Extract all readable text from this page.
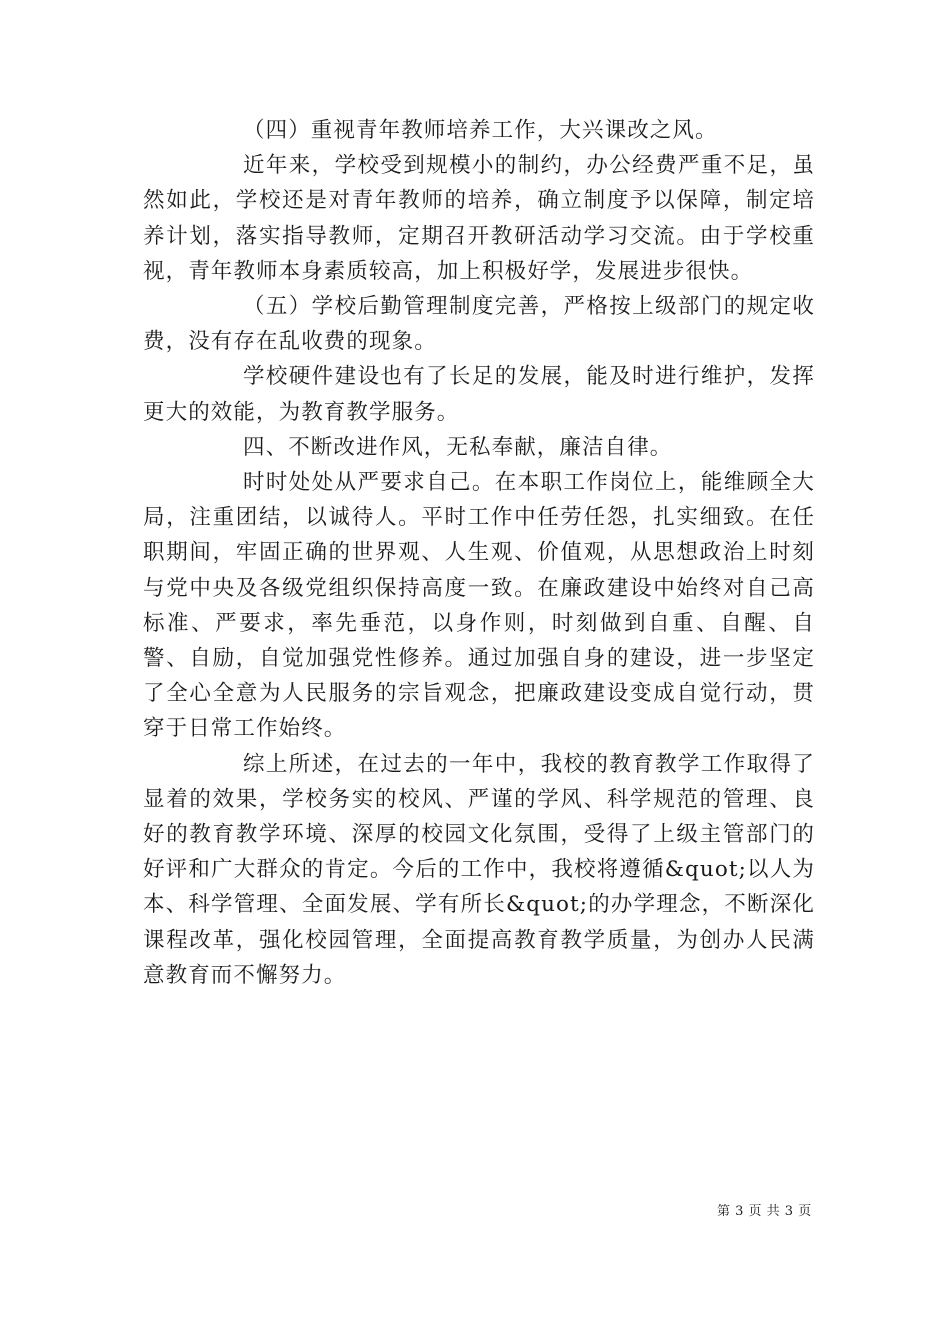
（四）重视青年教师培养工作，大兴课改之风。

近年来，学校受到规模小的制约，办公经费严重不足，虽然如此，学校还是对青年教师的培养，确立制度予以保障，制定培养计划，落实指导教师，定期召开教研活动学习交流。由于学校重视，青年教师本身素质较高，加上积极好学，发展进步很快。

（五）学校后勤管理制度完善，严格按上级部门的规定收费，没有存在乱收费的现象。

学校硬件建设也有了长足的发展，能及时进行维护，发挥更大的效能，为教育教学服务。

四、不断改进作风，无私奉献，廉洁自律。

时时处处从严要求自己。在本职工作岗位上，能维顾全大局，注重团结，以诚待人。平时工作中任劳任怨，扎实细致。在任职期间，牢固正确的世界观、人生观、价值观，从思想政治上时刻与党中央及各级党组织保持高度一致。在廉政建设中始终对自己高标准、严要求，率先垂范，以身作则，时刻做到自重、自醒、自警、自励，自觉加强党性修养。通过加强自身的建设，进一步坚定了全心全意为人民服务的宗旨观念，把廉政建设变成自觉行动，贯穿于日常工作始终。

综上所述，在过去的一年中，我校的教育教学工作取得了显着的效果，学校务实的校风、严谨的学风、科学规范的管理、良好的教育教学环境、深厚的校园文化氛围，受得了上级主管部门的好评和广大群众的肯定。今后的工作中，我校将遵循&quot;以人为本、科学管理、全面发展、学有所长&quot;的办学理念，不断深化课程改革，强化校园管理，全面提高教育教学质量，为创办人民满意教育而不懈努力。

第 3 页 共 3 页
